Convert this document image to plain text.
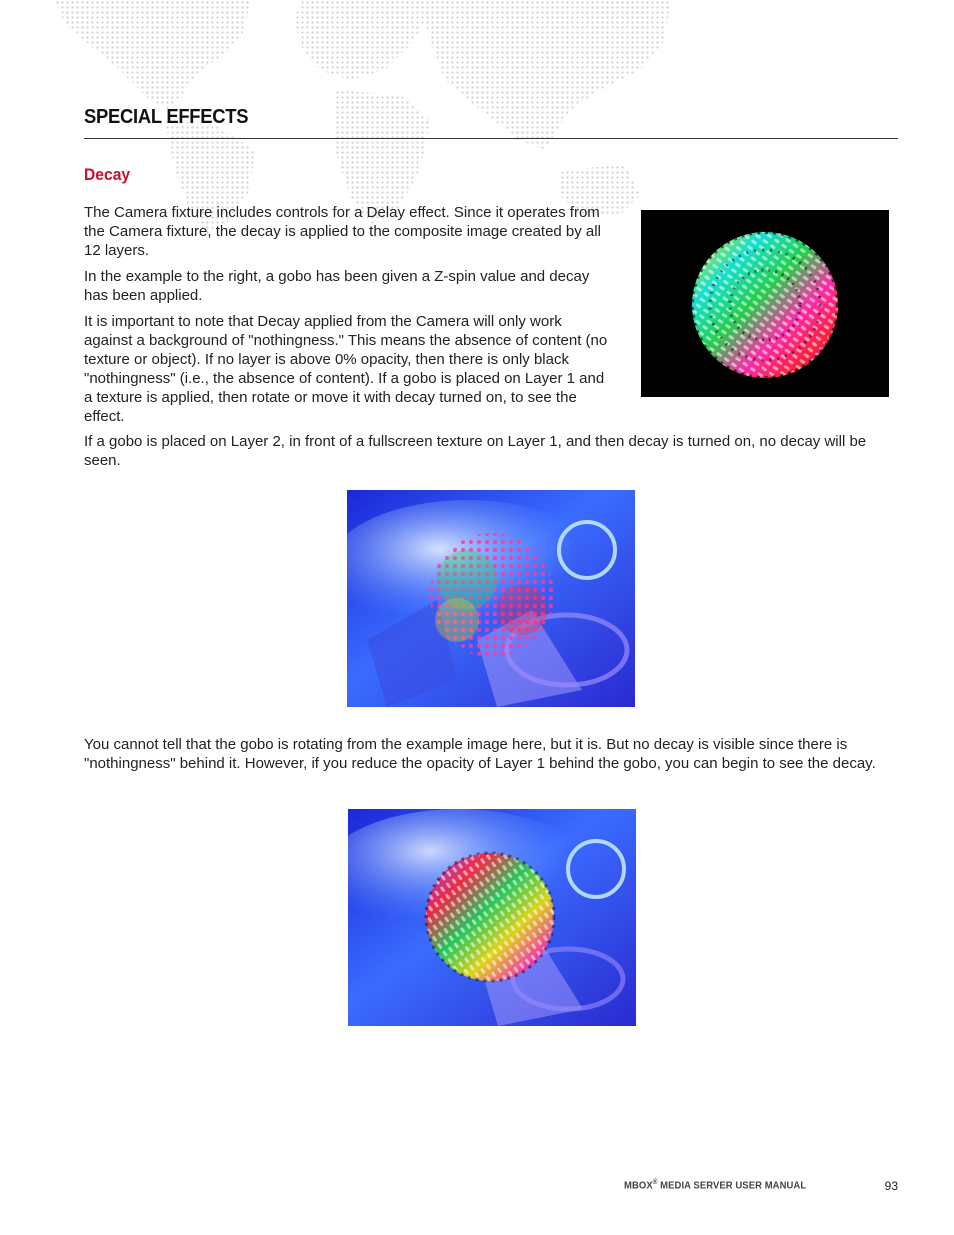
SPECIAL EFFECTS
Decay

The Camera fixture includes controls for a Delay effect. Since it operates from the Camera fixture, the decay is applied to the composite image created by all 12 layers.

In the example to the right, a gobo has been given a Z-spin value and decay has been applied.

It is important to note that Decay applied from the Camera will only work against a background of "nothingness." This means the absence of content (no texture or object). If no layer is above 0% opacity, then there is only black "nothingness" (i.e., the absence of content). If a gobo is placed on Layer 1 and a texture is applied, then rotate or move it with decay turned on, to see the effect.

If a gobo is placed on Layer 2, in front of a fullscreen texture on Layer 1, and then decay is turned on, no decay will be seen.

You cannot tell that the gobo is rotating from the example image here, but it is. But no decay is visible since there is "nothingness" behind it. However, if you reduce the opacity of Layer 1 behind the gobo, you can begin to see the decay.

MBOX® MEDIA SERVER USER MANUAL	93
